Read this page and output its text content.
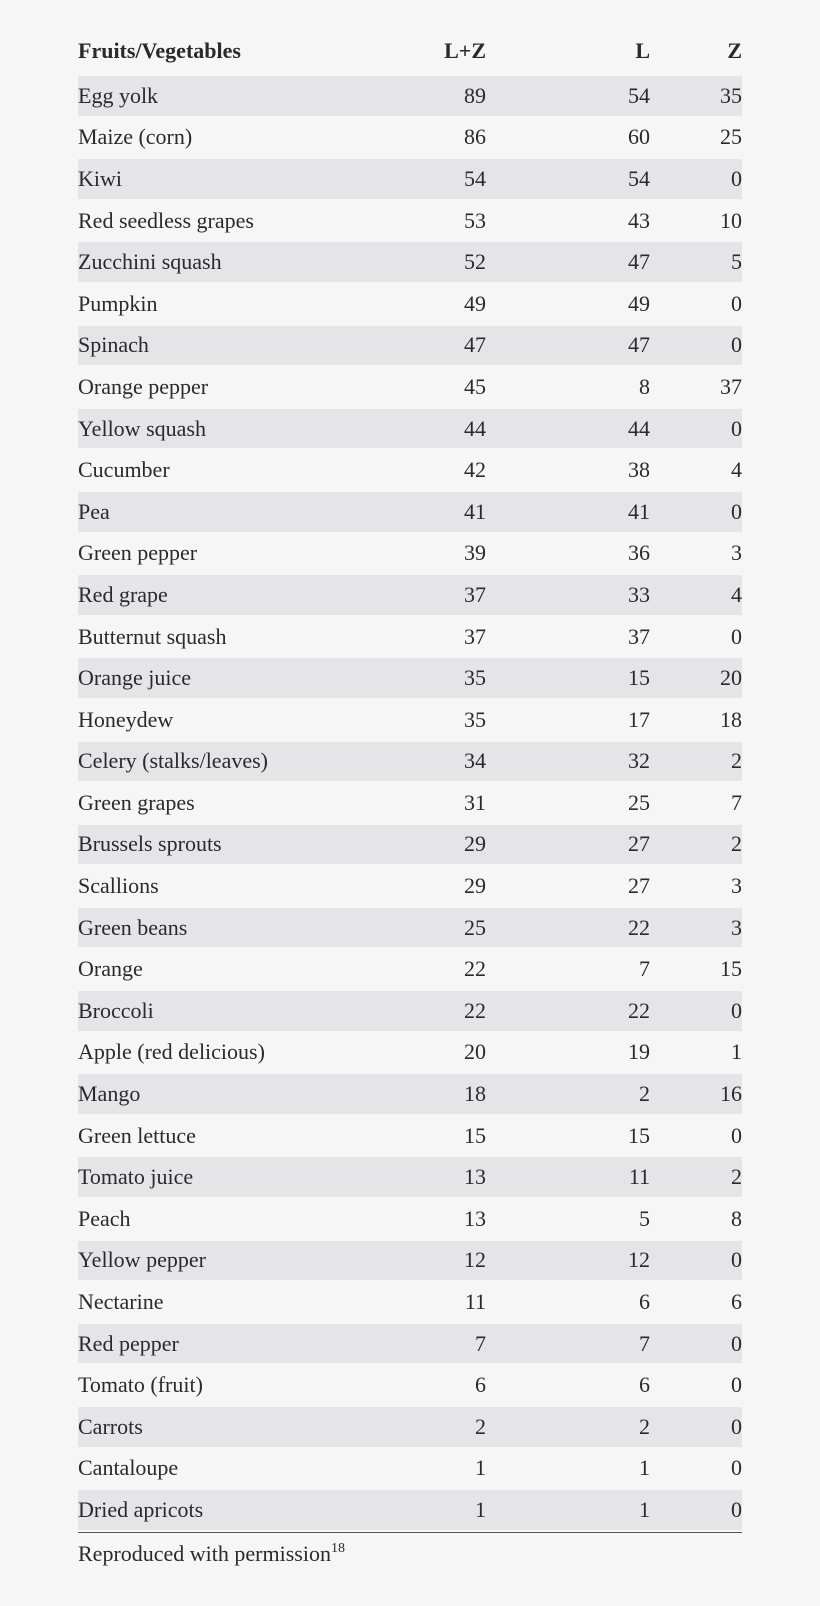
Fruits/Vegetables	L+Z	L	Z
Egg yolk	89	54	35
Maize (corn)	86	60	25
Kiwi	54	54	0
Red seedless grapes	53	43	10
Zucchini squash	52	47	5
Pumpkin	49	49	0
Spinach	47	47	0
Orange pepper	45	8	37
Yellow squash	44	44	0
Cucumber	42	38	4
Pea	41	41	0
Green pepper	39	36	3
Red grape	37	33	4
Butternut squash	37	37	0
Orange juice	35	15	20
Honeydew	35	17	18
Celery (stalks/leaves)	34	32	2
Green grapes	31	25	7
Brussels sprouts	29	27	2
Scallions	29	27	3
Green beans	25	22	3
Orange	22	7	15
Broccoli	22	22	0
Apple (red delicious)	20	19	1
Mango	18	2	16
Green lettuce	15	15	0
Tomato juice	13	11	2
Peach	13	5	8
Yellow pepper	12	12	0
Nectarine	11	6	6
Red pepper	7	7	0
Tomato (fruit)	6	6	0
Carrots	2	2	0
Cantaloupe	1	1	0
Dried apricots	1	1	0
Reproduced with permission$^{18}$
